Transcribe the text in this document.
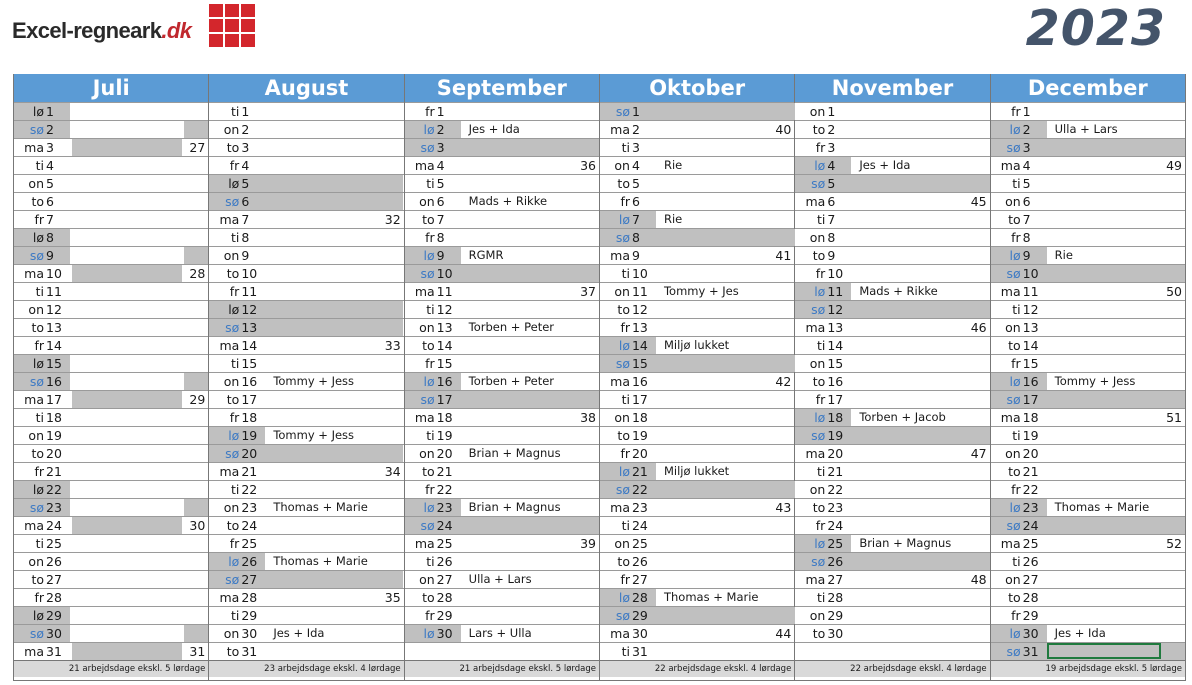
Excel-regneark.dk	2023
Juli
lø 1
sø 2
ma 3	27
ti 4
on 5
to 6
fr 7
lø 8
sø 9
ma 10	28
ti 11
on 12
to 13
fr 14
lø 15
sø 16
ma 17	29
ti 18
on 19
to 20
fr 21
lø 22
sø 23
ma 24	30
ti 25
on 26
to 27
fr 28
lø 29
sø 30
ma 31	31
21 arbejdsdage ekskl. 5 lørdage
August
ti 1
on 2
to 3
fr 4
lø 5
sø 6
ma 7	32
ti 8
on 9
to 10
fr 11
lø 12
sø 13
ma 14	33
ti 15
on 16 Tommy + Jess
to 17
fr 18
lø 19 Tommy + Jess
sø 20
ma 21	34
ti 22
on 23 Thomas + Marie
to 24
fr 25
lø 26 Thomas + Marie
sø 27
ma 28	35
ti 29
on 30 Jes + Ida
to 31
23 arbejdsdage ekskl. 4 lørdage
September
fr 1
lø 2 Jes + Ida
sø 3
ma 4	36
ti 5
on 6 Mads + Rikke
to 7
fr 8
lø 9 RGMR
sø 10
ma 11	37
ti 12
on 13 Torben + Peter
to 14
fr 15
lø 16 Torben + Peter
sø 17
ma 18	38
ti 19
on 20 Brian + Magnus
to 21
fr 22
lø 23 Brian + Magnus
sø 24
ma 25	39
ti 26
on 27 Ulla + Lars
to 28
fr 29
lø 30 Lars + Ulla
21 arbejdsdage ekskl. 5 lørdage
Oktober
sø 1
ma 2	40
ti 3
on 4 Rie
to 5
fr 6
lø 7 Rie
sø 8
ma 9	41
ti 10
on 11 Tommy + Jes
to 12
fr 13
lø 14 Miljø lukket
sø 15
ma 16	42
ti 17
on 18
to 19
fr 20
lø 21 Miljø lukket
sø 22
ma 23	43
ti 24
on 25
to 26
fr 27
lø 28 Thomas + Marie
sø 29
ma 30	44
ti 31
22 arbejdsdage ekskl. 4 lørdage
November
on 1
to 2
fr 3
lø 4 Jes + Ida
sø 5
ma 6	45
ti 7
on 8
to 9
fr 10
lø 11 Mads + Rikke
sø 12
ma 13	46
ti 14
on 15
to 16
fr 17
lø 18 Torben + Jacob
sø 19
ma 20	47
ti 21
on 22
to 23
fr 24
lø 25 Brian + Magnus
sø 26
ma 27	48
ti 28
on 29
to 30
22 arbejdsdage ekskl. 4 lørdage
December
fr 1
lø 2 Ulla + Lars
sø 3
ma 4	49
ti 5
on 6
to 7
fr 8
lø 9 Rie
sø 10
ma 11	50
ti 12
on 13
to 14
fr 15
lø 16 Tommy + Jess
sø 17
ma 18	51
ti 19
on 20
to 21
fr 22
lø 23 Thomas + Marie
sø 24
ma 25	52
ti 26
on 27
to 28
fr 29
lø 30 Jes + Ida
sø 31
19 arbejdsdage ekskl. 5 lørdage
